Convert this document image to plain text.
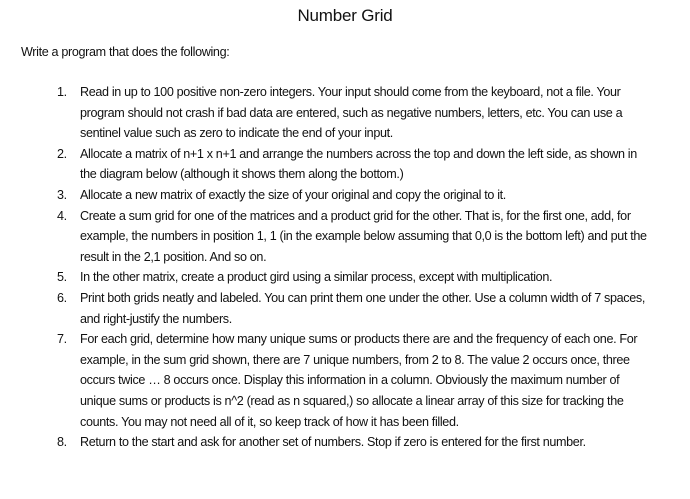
Number Grid
Write a program that does the following:
1.	Read in up to 100 positive non-zero integers. Your input should come from the keyboard, not a file. Your program should not crash if bad data are entered, such as negative numbers, letters, etc. You can use a sentinel value such as zero to indicate the end of your input.
2.	Allocate a matrix of n+1 x n+1 and arrange the numbers across the top and down the left side, as shown in the diagram below (although it shows them along the bottom.)
3.	Allocate a new matrix of exactly the size of your original and copy the original to it.
4.	Create a sum grid for one of the matrices and a product grid for the other. That is, for the first one, add, for example, the numbers in position 1, 1 (in the example below assuming that 0,0 is the bottom left) and put the result in the 2,1 position. And so on.
5.	In the other matrix, create a product gird using a similar process, except with multiplication.
6.	Print both grids neatly and labeled. You can print them one under the other. Use a column width of 7 spaces, and right-justify the numbers.
7.	For each grid, determine how many unique sums or products there are and the frequency of each one. For example, in the sum grid shown, there are 7 unique numbers, from 2 to 8. The value 2 occurs once, three occurs twice … 8 occurs once. Display this information in a column. Obviously the maximum number of unique sums or products is n^2 (read as n squared,) so allocate a linear array of this size for tracking the counts. You may not need all of it, so keep track of how it has been filled.
8.	Return to the start and ask for another set of numbers. Stop if zero is entered for the first number.
